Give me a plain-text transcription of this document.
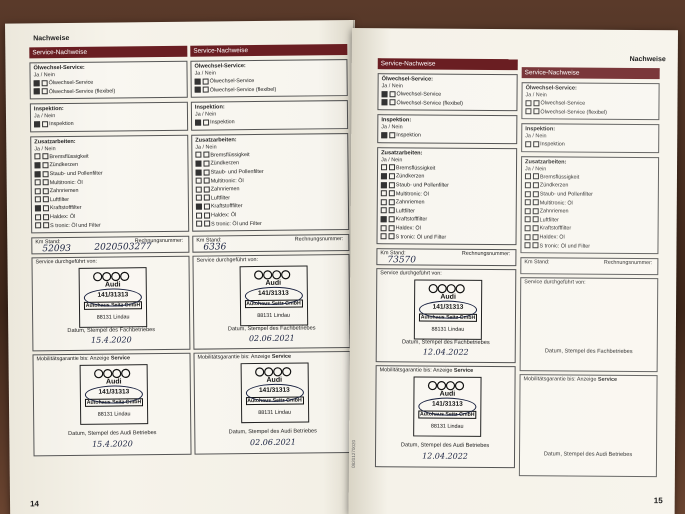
Nachweise
14
Service-Nachweise
Ölwechsel-Service:
Ja / Nein
Ölwechsel-Service
Ölwechsel-Service (flexibel)
Inspektion:
Ja / Nein
Inspektion
Zusatzarbeiten:
Ja / Nein
Bremsflüssigkeit
Zündkerzen
Staub- und Pollenfilter
Multitronic: Öl
Zahnriemen
Luftfilter
Kraftstofffilter
Haldex: Öl
S tronic: Öl und Filter
Km Stand:	Rechnungsnummer:
52093	2020503277
Service durchgeführt von:
Audi
141/31313
Autohaus Seitz GmbH
88131 Lindau
Datum, Stempel des Fachbetriebes
15.4.2020
Mobilitätsgarantie bis: Anzeige Service
Audi
141/31313
Autohaus Seitz GmbH
88131 Lindau
Datum, Stempel des Audi Betriebes
15.4.2020
Service-Nachweise
Ölwechsel-Service:
Ja / Nein
Ölwechsel-Service
Ölwechsel-Service (flexibel)
Inspektion:
Ja / Nein
Inspektion
Zusatzarbeiten:
Ja / Nein
Bremsflüssigkeit
Zündkerzen
Staub- und Pollenfilter
Multitronic: Öl
Zahnriemen
Luftfilter
Kraftstofffilter
Haldex: Öl
S tronic: Öl und Filter
Km Stand:	Rechnungsnummer:
6336
Service durchgeführt von:
Audi
141/31313
Autohaus Seitz GmbH
88131 Lindau
Datum, Stempel des Fachbetriebes
02.06.2021
Mobilitätsgarantie bis: Anzeige Service
Audi
141/31313
Autohaus Seitz GmbH
88131 Lindau
Datum, Stempel des Audi Betriebes
02.06.2021
Nachweise
15
08201270020
Service-Nachweise
Ölwechsel-Service:
Ja / Nein
Ölwechsel-Service
Ölwechsel-Service (flexibel)
Inspektion:
Ja / Nein
Inspektion
Zusatzarbeiten:
Ja / Nein
Bremsflüssigkeit
Zündkerzen
Staub- und Pollenfilter
Multitronic: Öl
Zahnriemen
Luftfilter
Kraftstofffilter
Haldex: Öl
S tronic: Öl und Filter
Km Stand:	Rechnungsnummer:
73570
Service durchgeführt von:
Audi
141/31313
Autohaus Seitz GmbH
88131 Lindau
Datum, Stempel des Fachbetriebes
12.04.2022
Mobilitätsgarantie bis: Anzeige Service
Audi
141/31313
Autohaus Seitz GmbH
88131 Lindau
Datum, Stempel des Audi Betriebes
12.04.2022
Service-Nachweise
Ölwechsel-Service:
Ja / Nein
Ölwechsel-Service
Ölwechsel-Service (flexibel)
Inspektion:
Ja / Nein
Inspektion
Zusatzarbeiten:
Ja / Nein
Bremsflüssigkeit
Zündkerzen
Staub- und Pollenfilter
Multitronic: Öl
Zahnriemen
Luftfilter
Kraftstofffilter
Haldex: Öl
S tronic: Öl und Filter
Km Stand:	Rechnungsnummer:
Service durchgeführt von:
Datum, Stempel des Fachbetriebes
Mobilitätsgarantie bis: Anzeige Service
Datum, Stempel des Audi Betriebes
